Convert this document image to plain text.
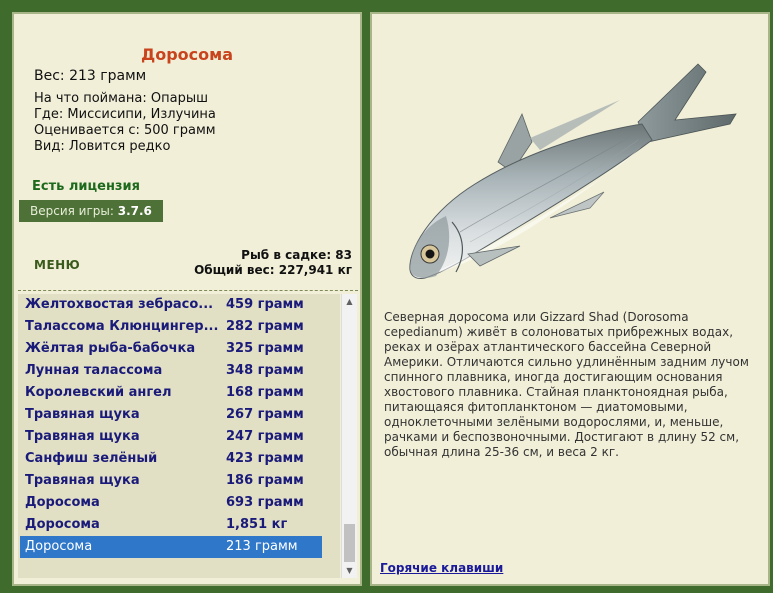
Доросома
Вес: 213 грамм
На что поймана: Опарыш
Где: Миссисипи, Излучина
Оценивается с: 500 грамм
Вид: Ловится редко
Есть лицензия
Версия игры: 3.7.6
МЕНЮ
Рыб в садке: 83
Общий вес: 227,941 кг
Желтохвостая зебрасо... 459 грамм
Талассома Клюнцингер... 282 грамм
Жёлтая рыба-бабочка 325 грамм
Лунная талассома	348 грамм
Королевский ангел	168 грамм
Травяная щука	267 грамм
Травяная щука	247 грамм
Санфиш зелёный	423 грамм
Травяная щука	186 грамм
Доросома	693 грамм
Доросома	1,851 кг
Доросома	213 грамм
▲
▼
Северная доросома или Gizzard Shad (Dorosoma cepedianum) живёт в солоноватых прибрежных водах, реках и озёрах атлантического бассейна Северной Америки. Отличаются сильно удлинённым задним лучом спинного плавника, иногда достигающим основания хвостового плавника. Стайная планктоноядная рыба, питающаяся фитопланктоном — диатомовыми, одноклеточными зелёными водорослями, и, меньше, рачками и беспозвоночными. Достигают в длину 52 см, обычная длина 25-36 см, и веса 2 кг.
Горячие клавиши
